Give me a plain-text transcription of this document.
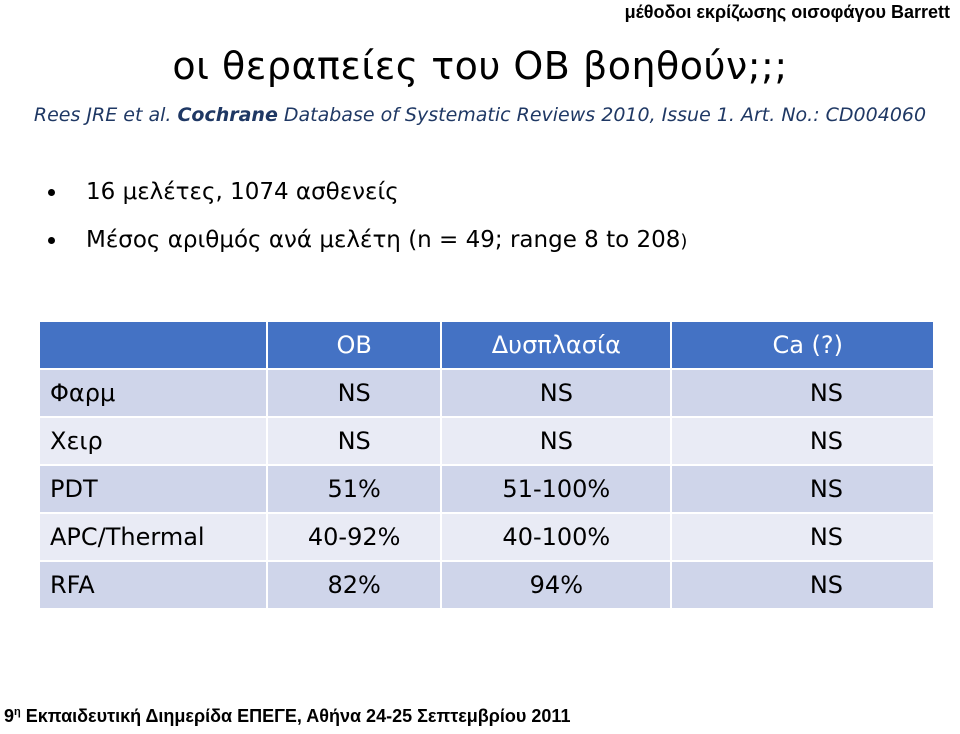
μέθοδοι εκρίζωσης οισοφάγου Barrett
οι θεραπείες του ΟΒ βοηθούν;;;
Rees JRE et al. Cochrane Database of Systematic Reviews 2010, Issue 1. Art. No.: CD004060
16 μελέτες, 1074 ασθενείς
Μέσος αριθμός ανά μελέτη (n = 49; range 8 to 208)
	ΟΒ	Δυσπλασία	Ca (?)
Φαρμ	NS	NS	NS
Χειρ	NS	NS	NS
PDT	51%	51-100%	NS
APC/Thermal	40-92%	40-100%	NS
RFA	82%	94%	NS
$9^\eta$ Εκπαιδευτική Διημερίδα ΕΠΕΓΕ, Αθήνα 24-25 Σεπτεμβρίου 2011
